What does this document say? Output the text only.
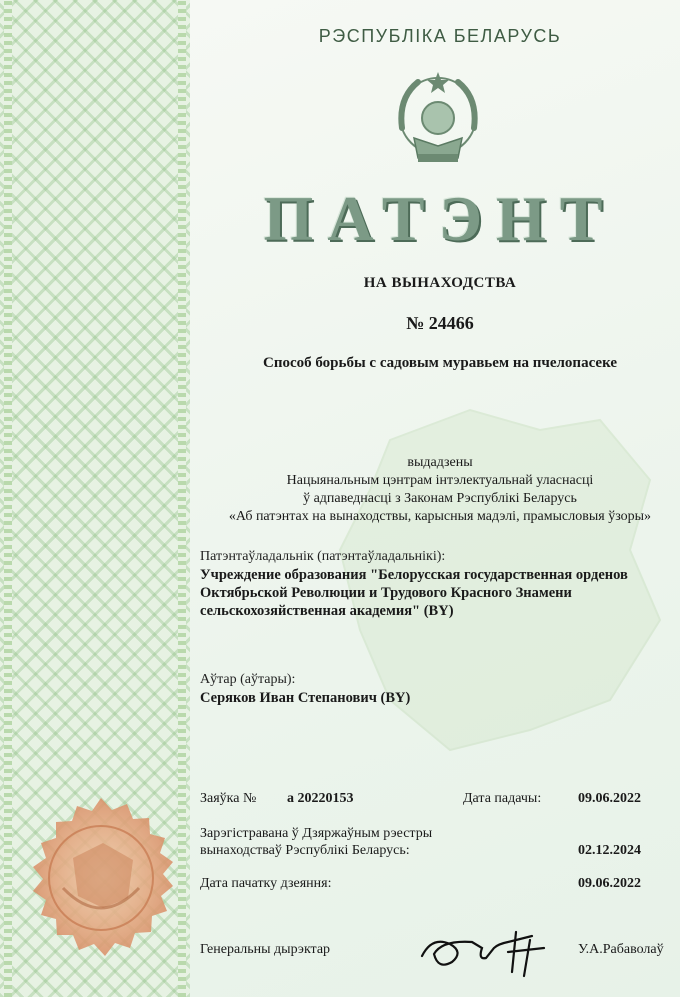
РЭСПУБЛІКА БЕЛАРУСЬ
ПАТЭНТ
НА ВЫНАХОДСТВА
№ 24466
Способ борьбы с садовым муравьем на пчелопасеке
выдадзены
Нацыянальным цэнтрам інтэлектуальнай уласнасці
ў адпаведнасці з Законам Рэспублікі Беларусь
«Аб патэнтах на вынаходствы, карысныя мадэлі, прамысловыя ўзоры»
Патэнтаўладальнік (патэнтаўладальнікі):
Учреждение образования "Белорусская государственная орденов
Октябрьской Революции и Трудового Красного Знамени
сельскохозяйственная академия" (BY)
Аўтар (аўтары):
Серяков Иван Степанович (BY)
Заяўка № a 20220153	Дата падачы:	09.06.2022
Зарэгістравана ў Дзяржаўным рэестры
вынаходстваў Рэспублікі Беларусь:	02.12.2024
Дата пачатку дзеяння:	09.06.2022
Генеральны дырэктар	У.А.Рабаволаў
